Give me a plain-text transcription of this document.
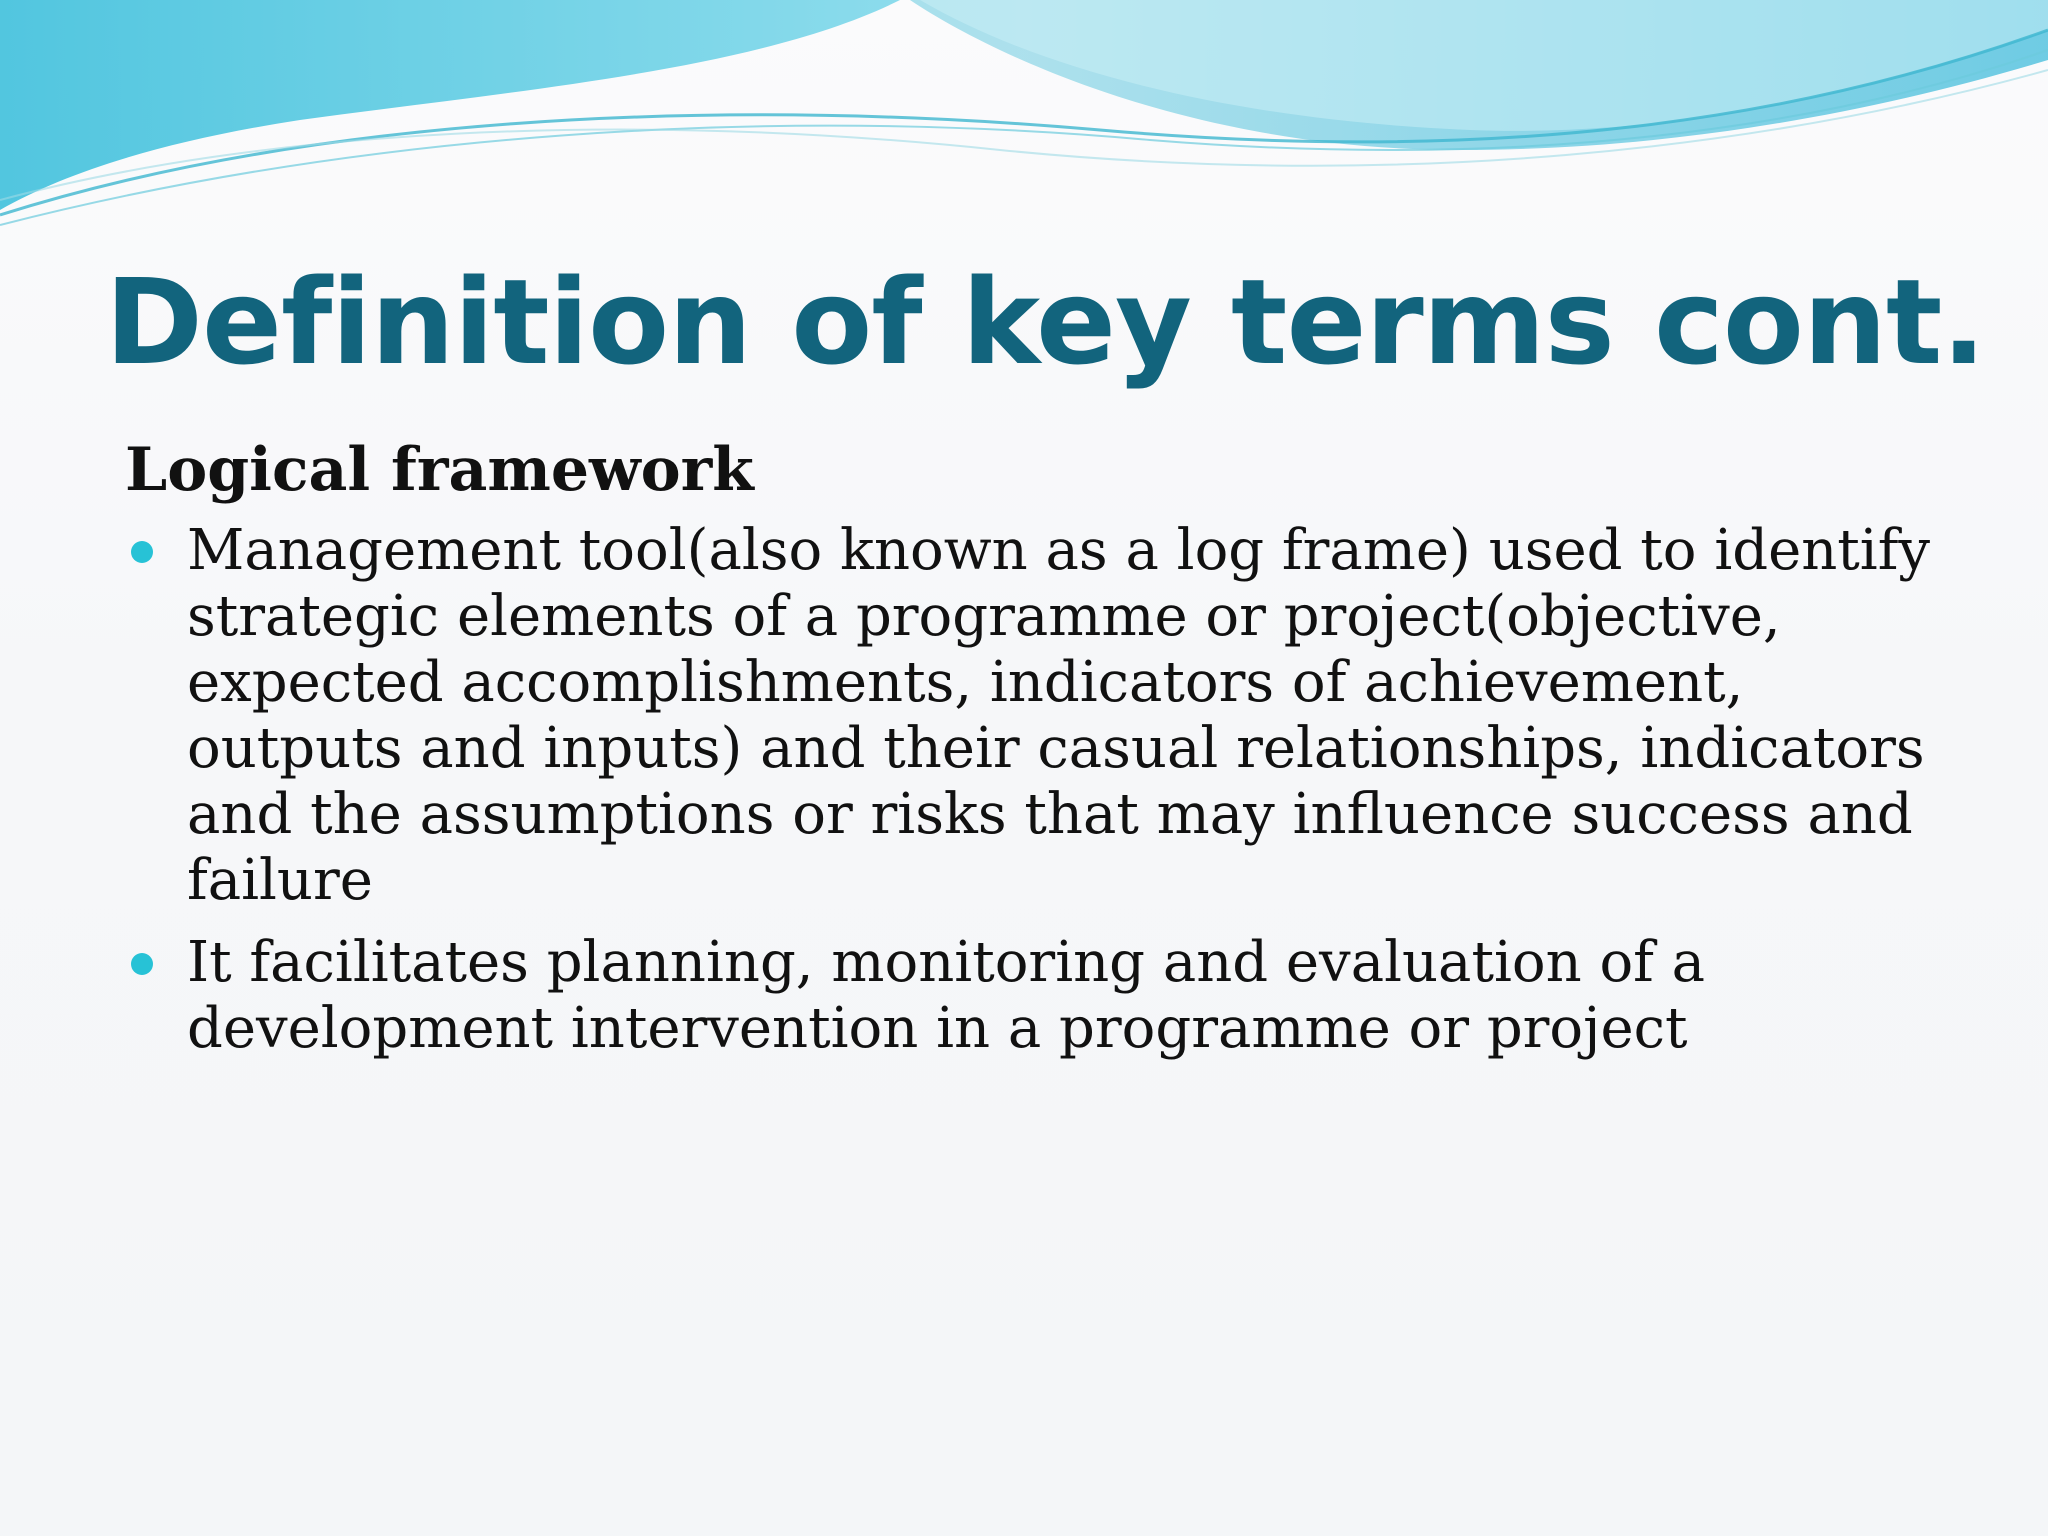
Definition of key terms cont.
Logical framework
Management tool(also known as a log frame) used to identify strategic elements of a programme or project(objective, expected accomplishments, indicators of achievement, outputs and inputs) and their casual relationships, indicators and the assumptions or risks that may influence success and failure
It facilitates planning, monitoring and evaluation of a development intervention in a programme or project
